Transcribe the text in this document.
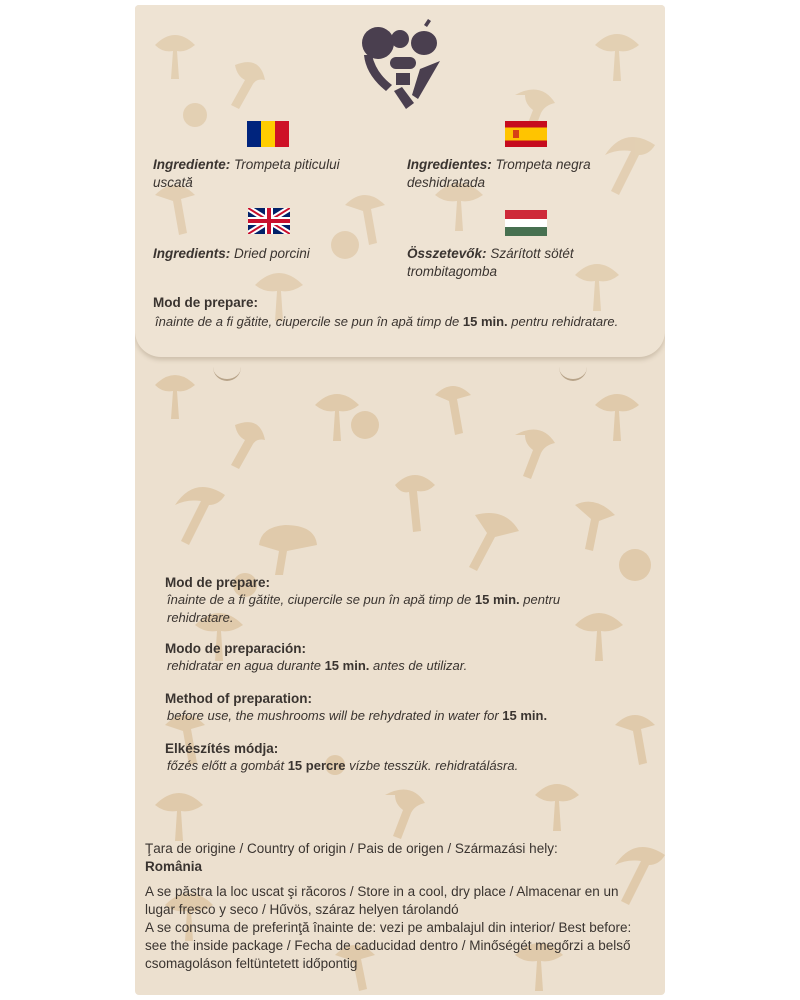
Ingrediente: Trompeta piticului uscată
Ingredientes: Trompeta negra deshidratada
Ingredients: Dried porcini	Összetevők: Szárított sötét trombitagomba
Mod de prepare:
înainte de a fi gătite, ciupercile se pun în apă timp de 15 min. pentru rehidratare.
Mod de prepare:
înainte de a fi gătite, ciupercile se pun în apă timp de 15 min. pentru rehidratare.
Modo de preparación:
rehidratar en agua durante 15 min. antes de utilizar.
Method of preparation:
before use, the mushrooms will be rehydrated in water for 15 min.
Elkészítés módja:
főzés előtt a gombát 15 percre vízbe tesszük. rehidratálásra.
Ţara de origine / Country of origin / Pais de origen / Származási hely:
România
A se păstra la loc uscat şi răcoros / Store in a cool, dry place / Almacenar en un lugar fresco y seco / Hűvös, száraz helyen tárolandó
A se consuma de preferinţă înainte de: vezi pe ambalajul din interior/ Best before: see the inside package / Fecha de caducidad dentro / Minőségét megőrzi a belső csomagoláson feltüntetett időpontig
